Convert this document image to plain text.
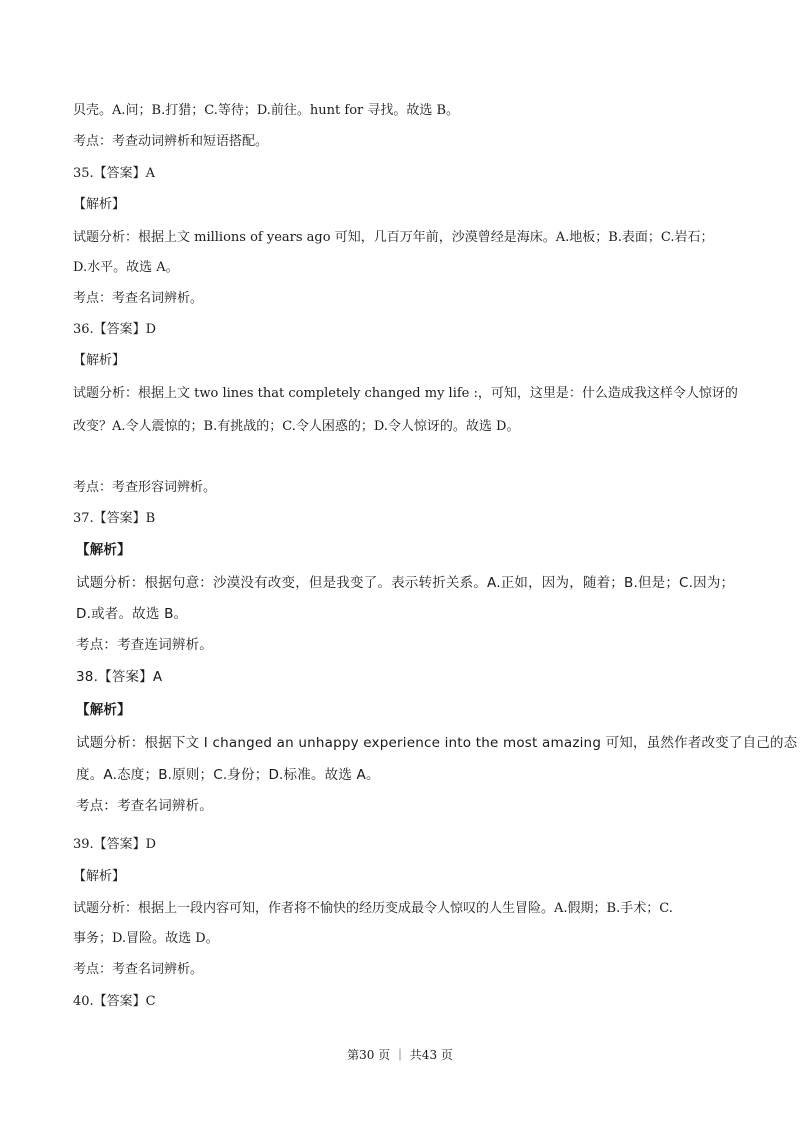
贝壳。A.问；B.打猎；C.等待；D.前往。hunt for 寻找。故选 B。
考点：考查动词辨析和短语搭配。
35.【答案】A
【解析】
试题分析：根据上文 millions of years ago 可知，几百万年前，沙漠曾经是海床。A.地板；B.表面；C.岩石；
D.水平。故选 A。
考点：考查名词辨析。
36.【答案】D
【解析】
试题分析：根据上文 two lines that completely changed my life :，可知，这里是：什么造成我这样令人惊讶的
改变？A.令人震惊的；B.有挑战的；C.令人困惑的；D.令人惊讶的。故选 D。
考点：考查形容词辨析。
37.【答案】B
【解析】
试题分析：根据句意：沙漠没有改变，但是我变了。表示转折关系。A.正如，因为，随着；B.但是；C.因为；
D.或者。故选 B。
考点：考查连词辨析。
38.【答案】A
【解析】
试题分析：根据下文 I changed an unhappy experience into the most amazing 可知，虽然作者改变了自己的态
度。A.态度；B.原则；C.身份；D.标准。故选 A。
考点：考查名词辨析。
39.【答案】D
【解析】
试题分析：根据上一段内容可知，作者将不愉快的经历变成最令人惊叹的人生冒险。A.假期；B.手术；C.
事务；D.冒险。故选 D。
考点：考查名词辨析。
40.【答案】C
第30 页 ｜ 共43 页
